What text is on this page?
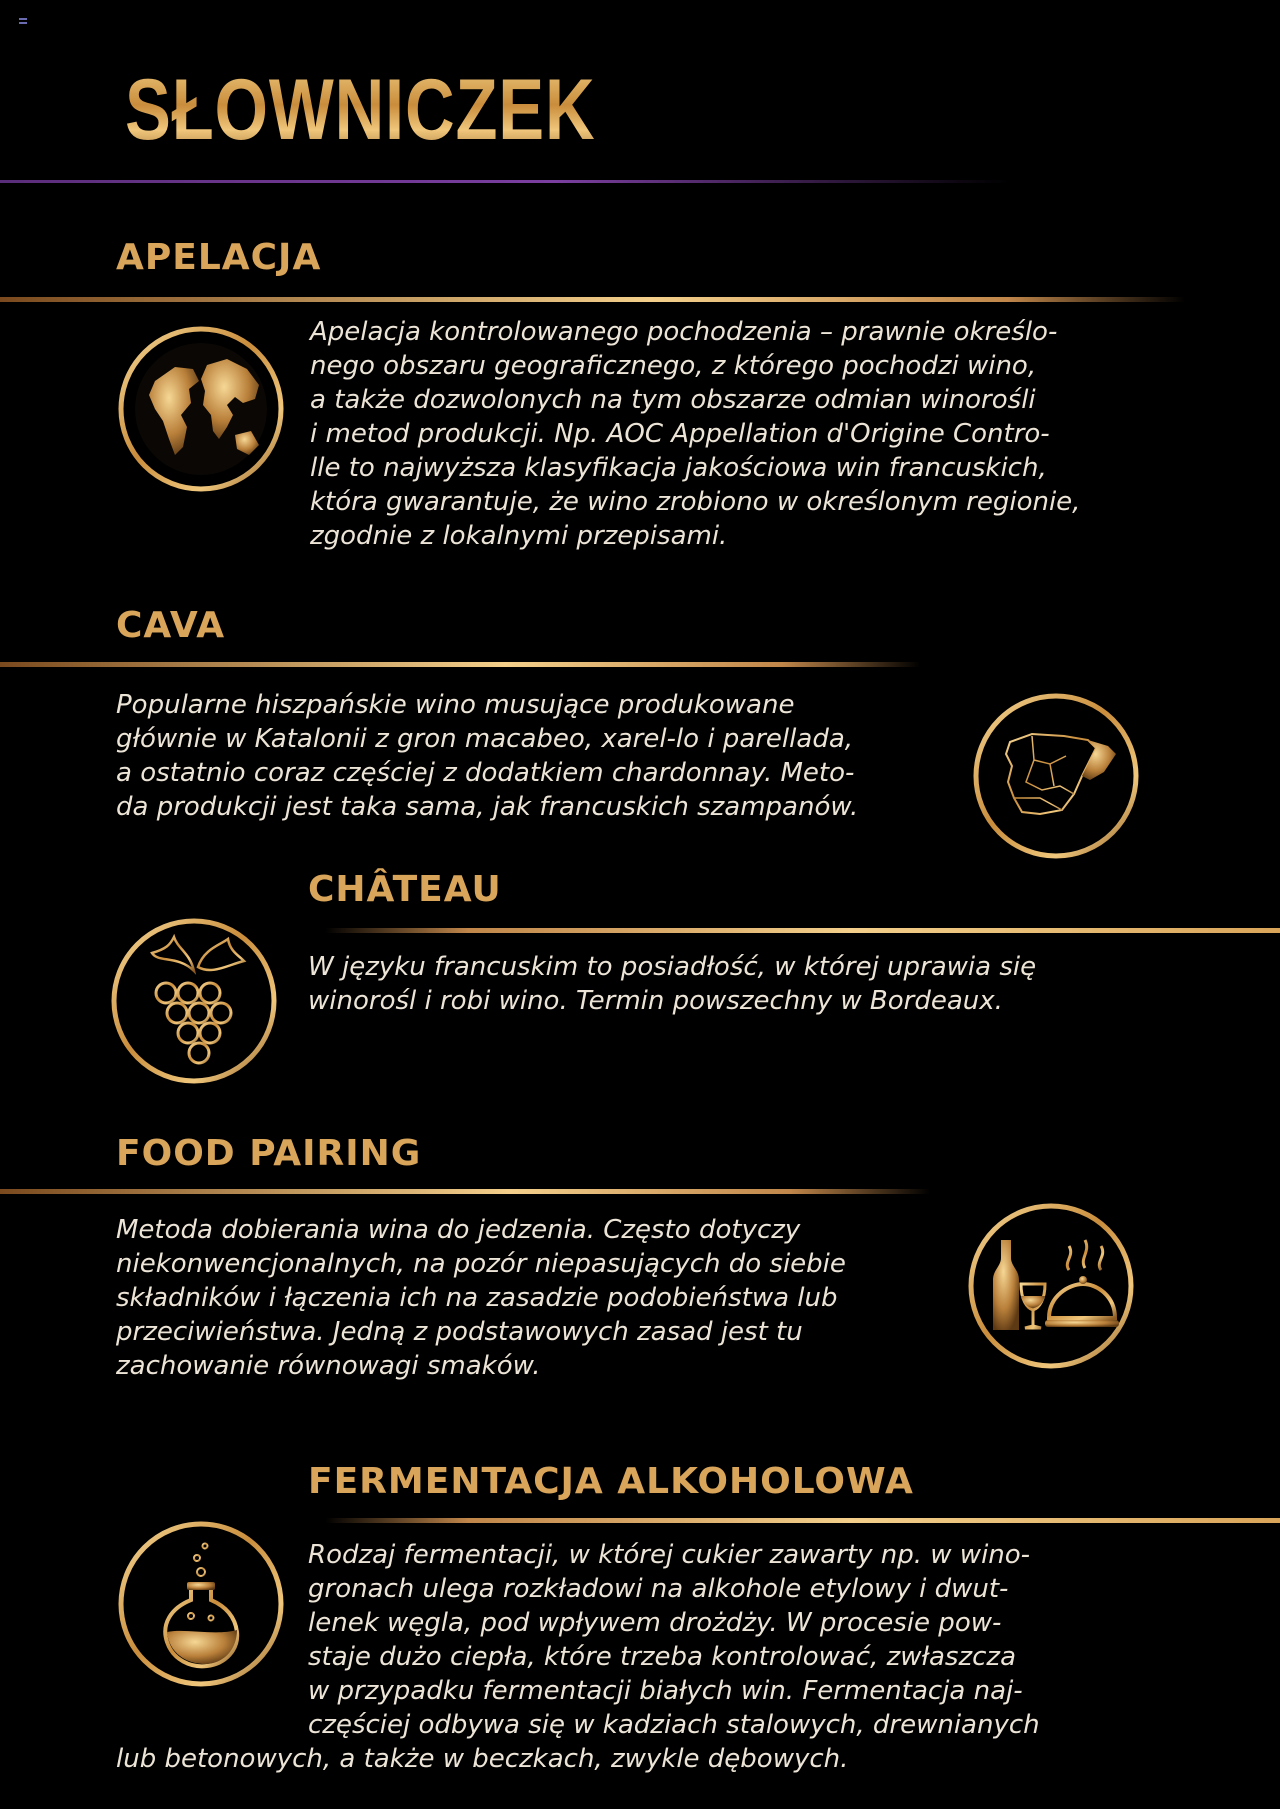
SŁOWNICZEK
APELACJA
Apelacja kontrolowanego pochodzenia – prawnie określo-
nego obszaru geograficznego, z którego pochodzi wino,
a także dozwolonych na tym obszarze odmian winorośli
i metod produkcji. Np. AOC Appellation d'Origine Contro-
lle to najwyższa klasyfikacja jakościowa win francuskich,
która gwarantuje, że wino zrobiono w określonym regionie,
zgodnie z lokalnymi przepisami.
CAVA
Popularne hiszpańskie wino musujące produkowane
głównie w Katalonii z gron macabeo, xarel-lo i parellada,
a ostatnio coraz częściej z dodatkiem chardonnay. Meto-
da produkcji jest taka sama, jak francuskich szampanów.
CHÂTEAU
W języku francuskim to posiadłość, w której uprawia się
winorośl i robi wino. Termin powszechny w Bordeaux.
FOOD PAIRING
Metoda dobierania wina do jedzenia. Często dotyczy
niekonwencjonalnych, na pozór niepasujących do siebie
składników i łączenia ich na zasadzie podobieństwa lub
przeciwieństwa. Jedną z podstawowych zasad jest tu
zachowanie równowagi smaków.
FERMENTACJA ALKOHOLOWA
Rodzaj fermentacji, w której cukier zawarty np. w wino-
gronach ulega rozkładowi na alkohole etylowy i dwut-
lenek węgla, pod wpływem drożdży. W procesie pow-
staje dużo ciepła, które trzeba kontrolować, zwłaszcza
w przypadku fermentacji białych win. Fermentacja naj-
częściej odbywa się w kadziach stalowych, drewnianych
lub betonowych, a także w beczkach, zwykle dębowych.
